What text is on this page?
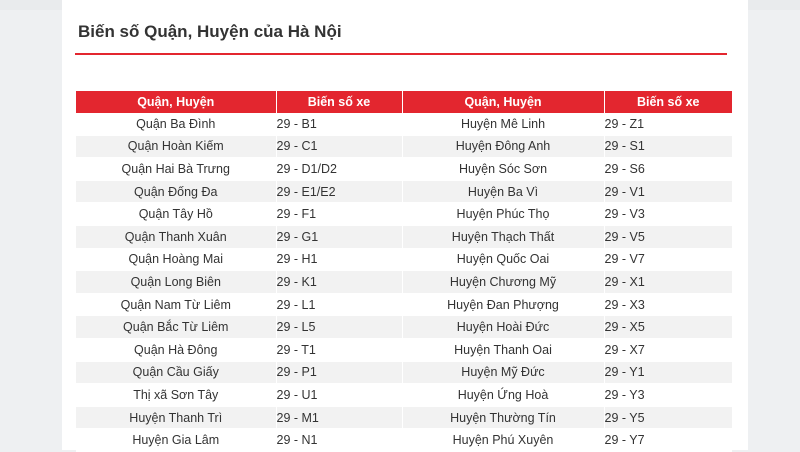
Biến số Quận, Huyện của Hà Nội
Quận, Huyện	Biến số xe	Quận, Huyện	Biến số xe
Quận Ba Đình	29 - B1	Huyện Mê Linh	29 - Z1
Quận Hoàn Kiếm	29 - C1	Huyện Đông Anh	29 - S1
Quận Hai Bà Trưng	29 - D1/D2	Huyện Sóc Sơn	29 - S6
Quận Đống Đa	29 - E1/E2	Huyện Ba Vì	29 - V1
Quận Tây Hồ	29 - F1	Huyện Phúc Thọ	29 - V3
Quận Thanh Xuân	29 - G1	Huyện Thạch Thất	29 - V5
Quận Hoàng Mai	29 - H1	Huyện Quốc Oai	29 - V7
Quận Long Biên	29 - K1	Huyện Chương Mỹ	29 - X1
Quận Nam Từ Liêm	29 - L1	Huyện Đan Phượng	29 - X3
Quận Bắc Từ Liêm	29 - L5	Huyện Hoài Đức	29 - X5
Quận Hà Đông	29 - T1	Huyện Thanh Oai	29 - X7
Quận Cầu Giấy	29 - P1	Huyện Mỹ Đức	29 - Y1
Thị xã Sơn Tây	29 - U1	Huyện Ứng Hoà	29 - Y3
Huyện Thanh Trì	29 - M1	Huyện Thường Tín	29 - Y5
Huyện Gia Lâm	29 - N1	Huyện Phú Xuyên	29 - Y7
